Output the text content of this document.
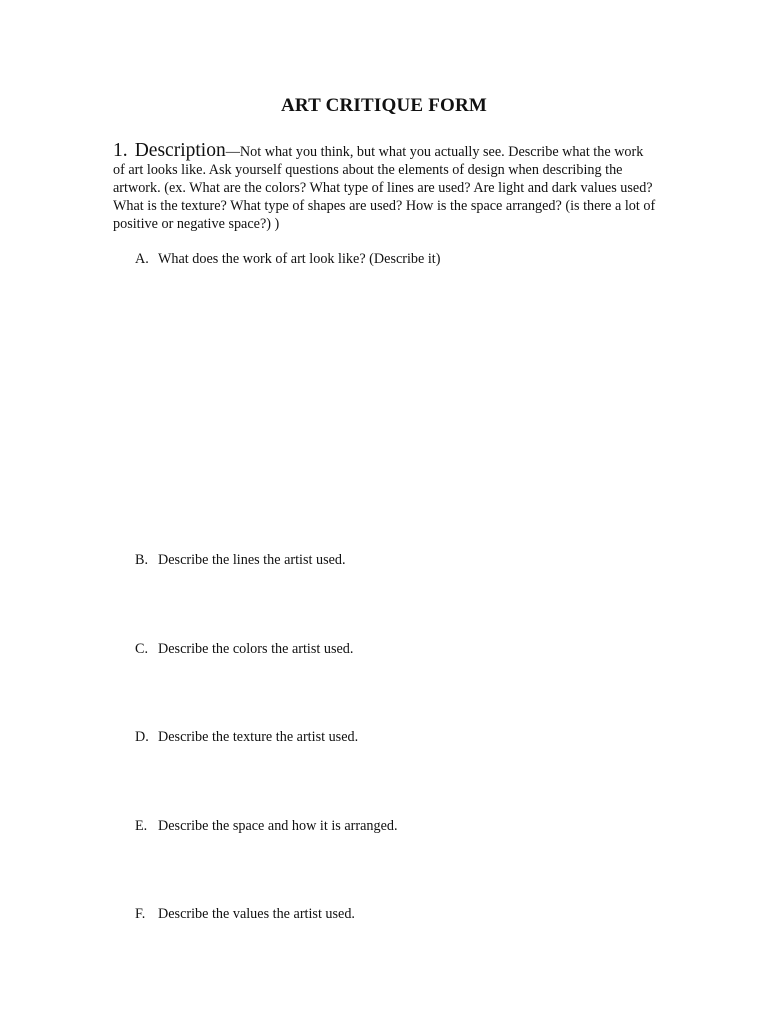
ART CRITIQUE FORM
1. Description—Not what you think, but what you actually see. Describe what the work of art looks like. Ask yourself questions about the elements of design when describing the artwork. (ex. What are the colors? What type of lines are used? Are light and dark values used? What is the texture? What type of shapes are used? How is the space arranged? (is there a lot of positive or negative space?) )
A. What does the work of art look like? (Describe it)
B. Describe the lines the artist used.
C. Describe the colors the artist used.
D. Describe the texture the artist used.
E. Describe the space and how it is arranged.
F. Describe the values the artist used.
